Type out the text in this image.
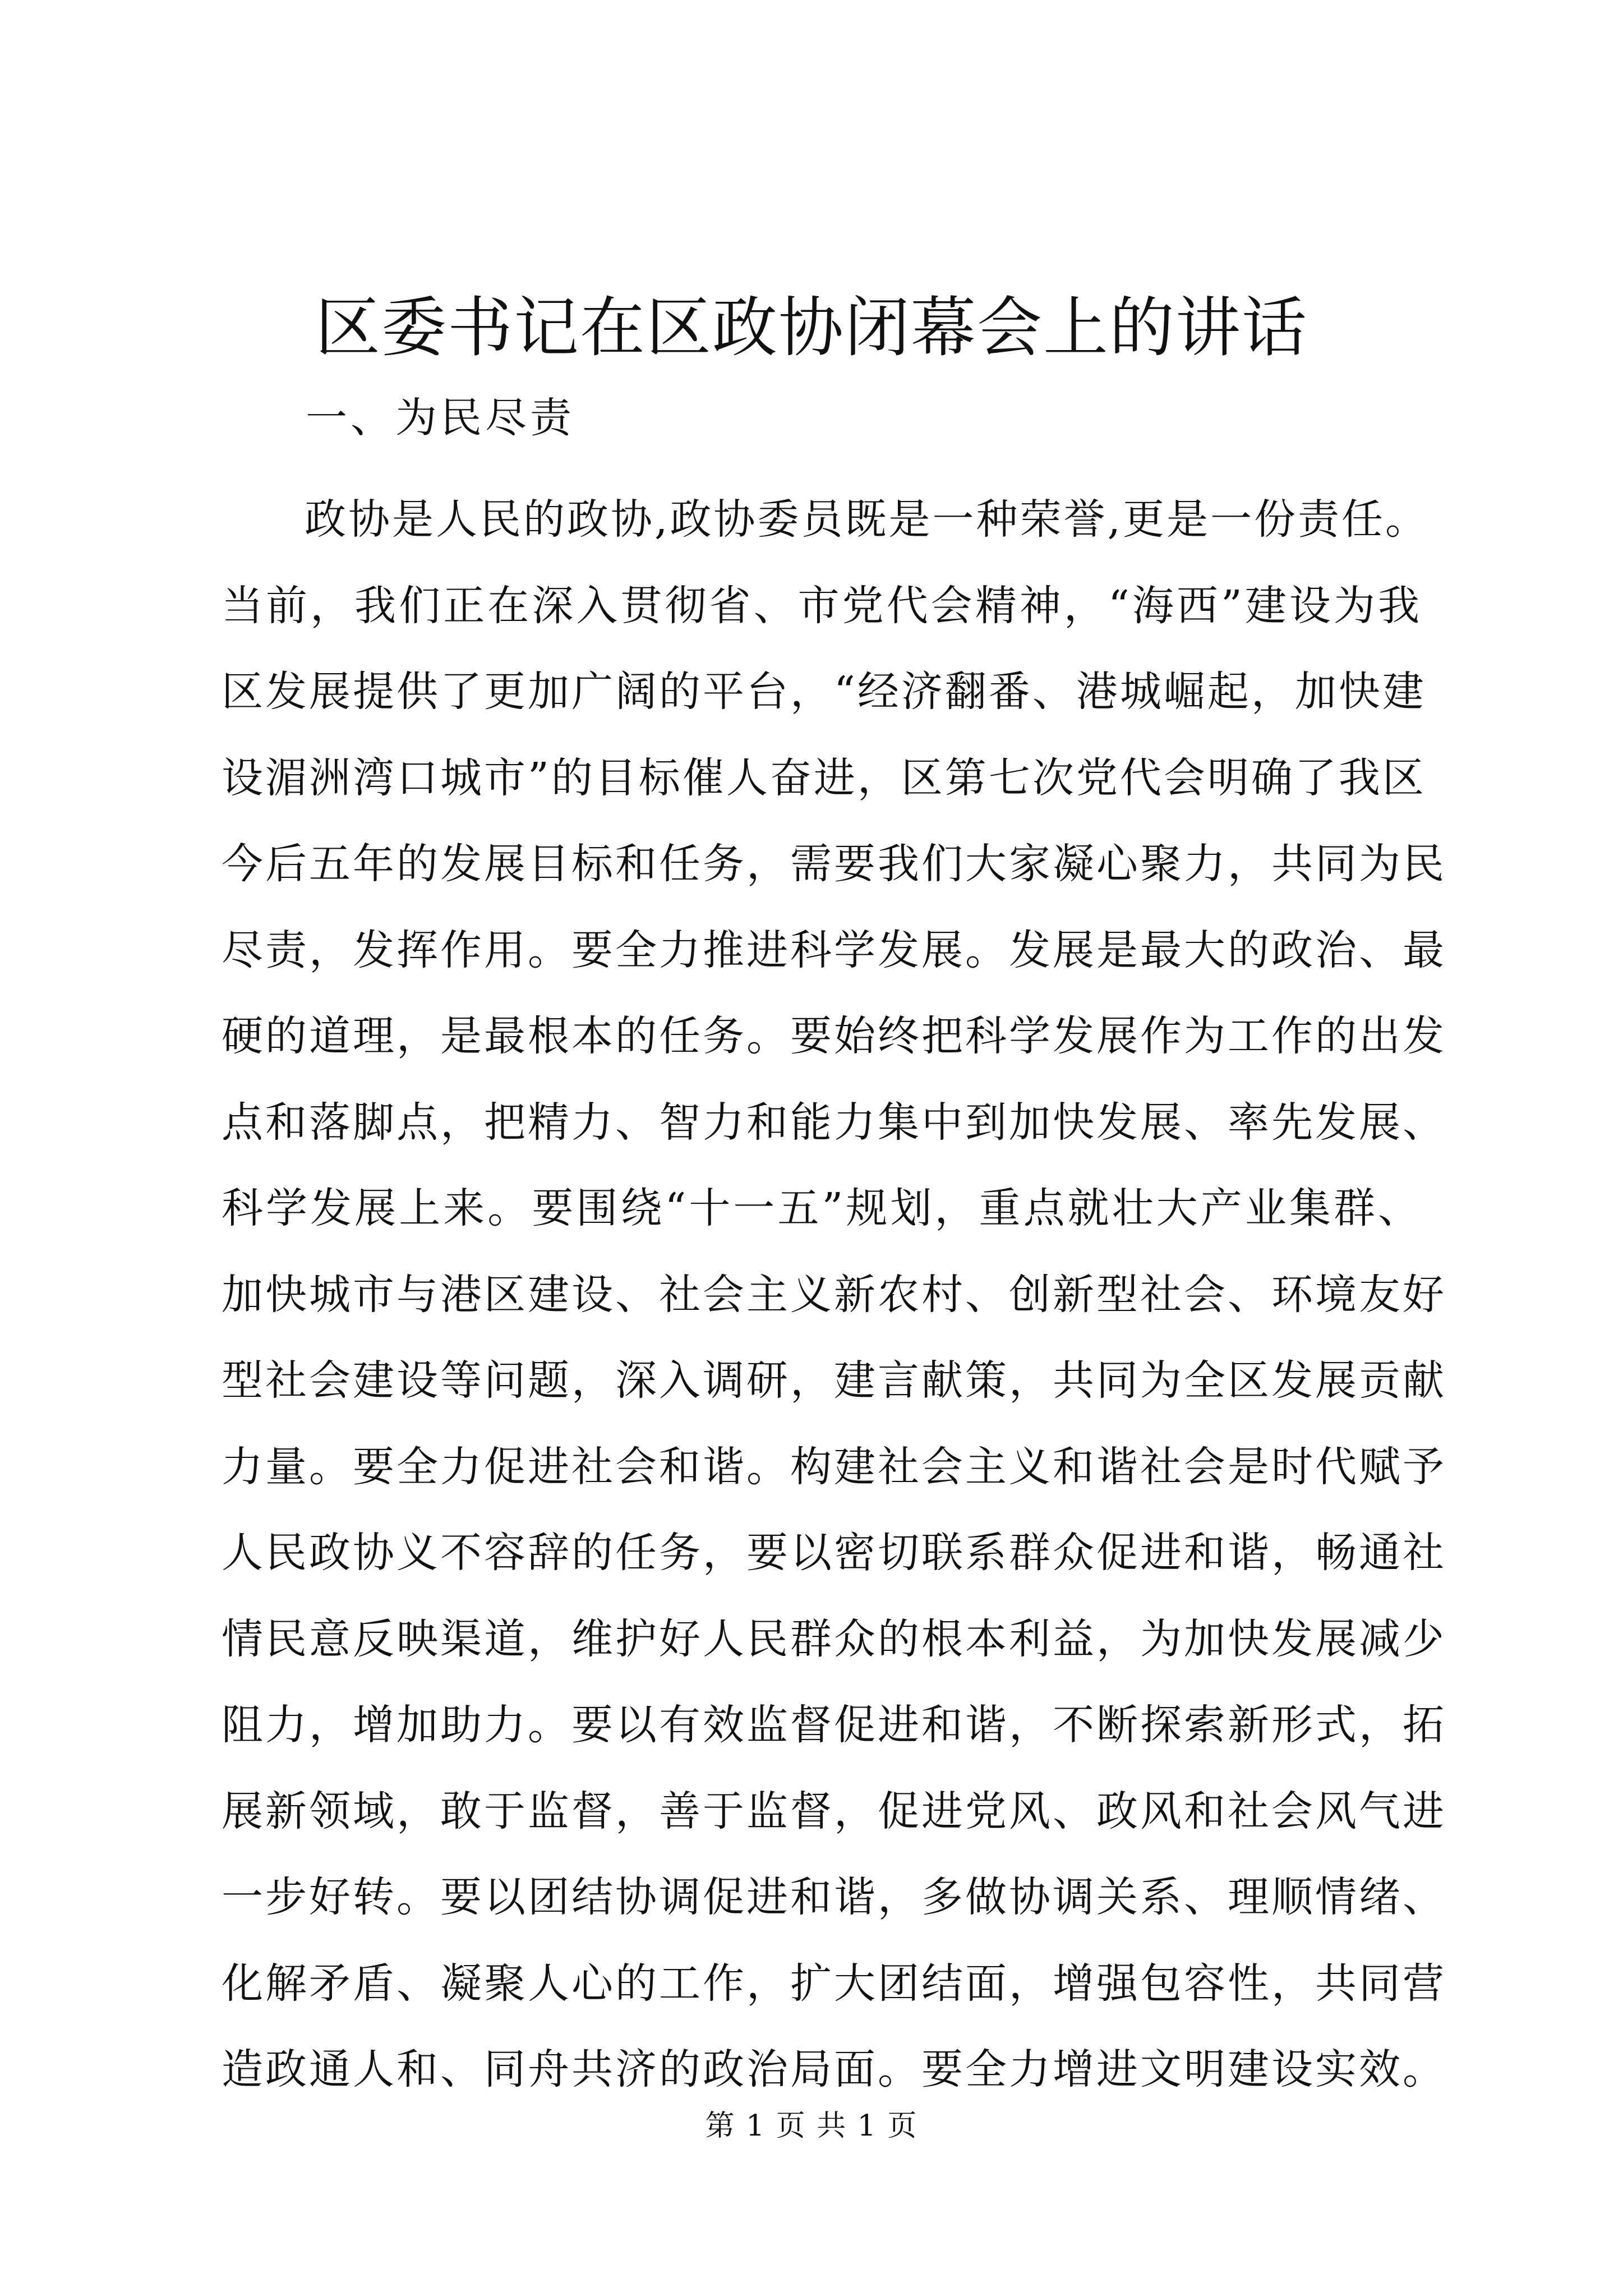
区委书记在区政协闭幕会上的讲话

一、为民尽责

政协是人民的政协,政协委员既是一种荣誉,更是一份责任。
当前，我们正在深入贯彻省、市党代会精神，“海西”建设为我
区发展提供了更加广阔的平台，“经济翻番、港城崛起，加快建
设湄洲湾口城市”的目标催人奋进，区第七次党代会明确了我区
今后五年的发展目标和任务，需要我们大家凝心聚力，共同为民
尽责，发挥作用。要全力推进科学发展。发展是最大的政治、最
硬的道理，是最根本的任务。要始终把科学发展作为工作的出发
点和落脚点，把精力、智力和能力集中到加快发展、率先发展、
科学发展上来。要围绕“十一五”规划，重点就壮大产业集群、
加快城市与港区建设、社会主义新农村、创新型社会、环境友好
型社会建设等问题，深入调研，建言献策，共同为全区发展贡献
力量。要全力促进社会和谐。构建社会主义和谐社会是时代赋予
人民政协义不容辞的任务，要以密切联系群众促进和谐，畅通社
情民意反映渠道，维护好人民群众的根本利益，为加快发展减少
阻力，增加助力。要以有效监督促进和谐，不断探索新形式，拓
展新领域，敢于监督，善于监督，促进党风、政风和社会风气进
一步好转。要以团结协调促进和谐，多做协调关系、理顺情绪、
化解矛盾、凝聚人心的工作，扩大团结面，增强包容性，共同营
造政通人和、同舟共济的政治局面。要全力增进文明建设实效。
第 1 页 共 1 页
